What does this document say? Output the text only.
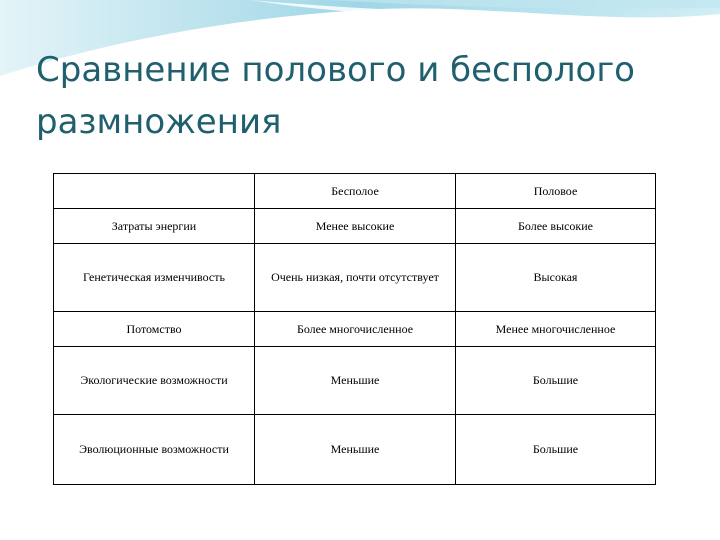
Сравнение полового и бесполого размножения
	Бесполое	Половое
Затраты энергии	Менее высокие	Более высокие
Генетическая изменчивость	Очень низкая, почти отсутствует	Высокая
Потомство	Более многочисленное	Менее многочисленное
Экологические возможности	Меньшие	Большие
Эволюционные возможности	Меньшие	Большие
